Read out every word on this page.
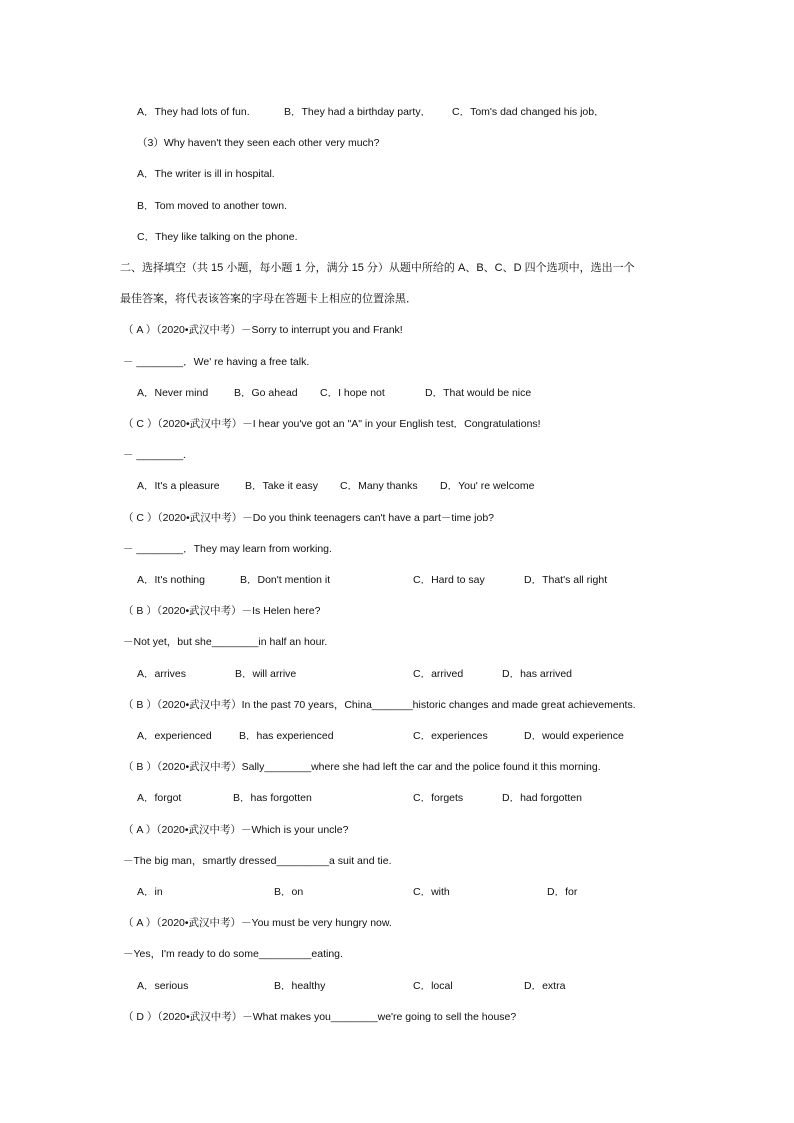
A．They had lots of fun.	B．They had a birthday party． C．Tom's dad changed his job．
（3）Why haven't they seen each other very much?
A．The writer is ill in hospital.
B．Tom moved to another town.
C．They like talking on the phone.
二、选择填空（共 15 小题，每小题 1 分，满分 15 分）从题中所给的 A、B、C、D 四个选项中，选出一个
最佳答案，将代表该答案的字母在答题卡上相应的位置涂黑．
（ A ）（2020•武汉中考）－Sorry to interrupt you and Frank!
－ ________．We' re having a free talk.
A．Never mind B．Go ahead C．I hope not	D．That would be nice
（ C ）（2020•武汉中考）－I hear you've got an "A" in your English test．Congratulations!
－ ________.
A．It's a pleasure B．Take it easy C．Many thanks D．You' re welcome
（ C ）（2020•武汉中考）－Do you think teenagers can't have a part－time job?
－ ________．They may learn from working.
A．It's nothing	B．Don't mention it	C．Hard to say	D．That's all right
（ B ）（2020•武汉中考）－Is Helen here?
－Not yet，but she________in half an hour.
A．arrives	B．will arrive	C．arrived	D．has arrived
（ B ）（2020•武汉中考）In the past 70 years，China_______historic changes and made great achievements.
A．experienced	B．has experienced	C．experiences	D．would experience
（ B ）（2020•武汉中考）Sally________where she had left the car and the police found it this morning.
A．forgot	B．has forgotten	C．forgets	D．had forgotten
（ A ）（2020•武汉中考）－Which is your uncle?
－The big man，smartly dressed_________a suit and tie.
A．in	B．on	C．with	D．for
（ A ）（2020•武汉中考）－You must be very hungry now.
－Yes，I'm ready to do some_________eating.
A．serious	B．healthy	C．local	D．extra
（ D ）（2020•武汉中考）－What makes you________we're going to sell the house?
